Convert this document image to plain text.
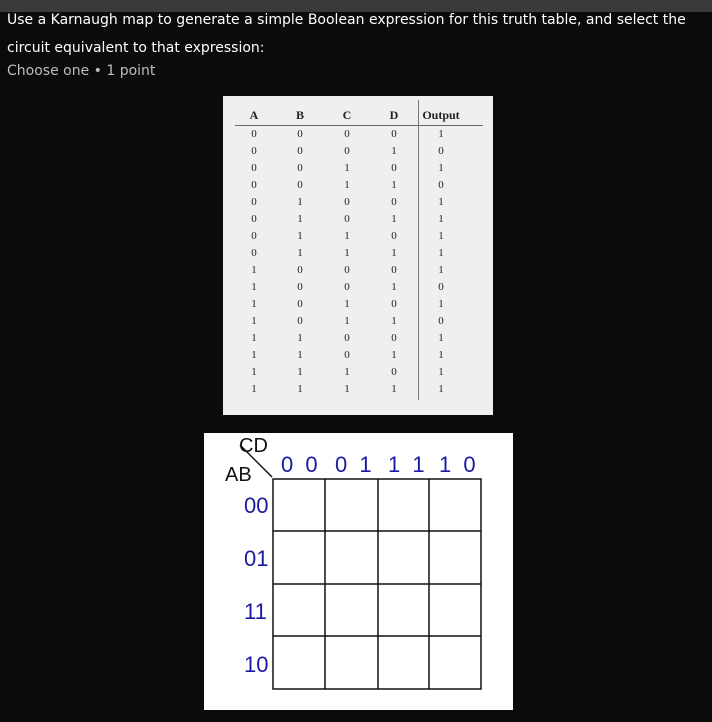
Use a Karnaugh map to generate a simple Boolean expression for this truth table, and select the circuit equivalent to that expression:
Choose one • 1 point
A	B	C	D	Output
0	0	0	0	1
0	0	0	1	0
0	0	1	0	1
0	0	1	1	0
0	1	0	0	1
0	1	0	1	1
0	1	1	0	1
0	1	1	1	1
1	0	0	0	1
1	0	0	1	0
1	0	1	0	1
1	0	1	1	0
1	1	0	0	1
1	1	0	1	1
1	1	1	0	1
1	1	1	1	1
CD
AB 0 0 0 1 1 1 1 0
00
01
11
10
